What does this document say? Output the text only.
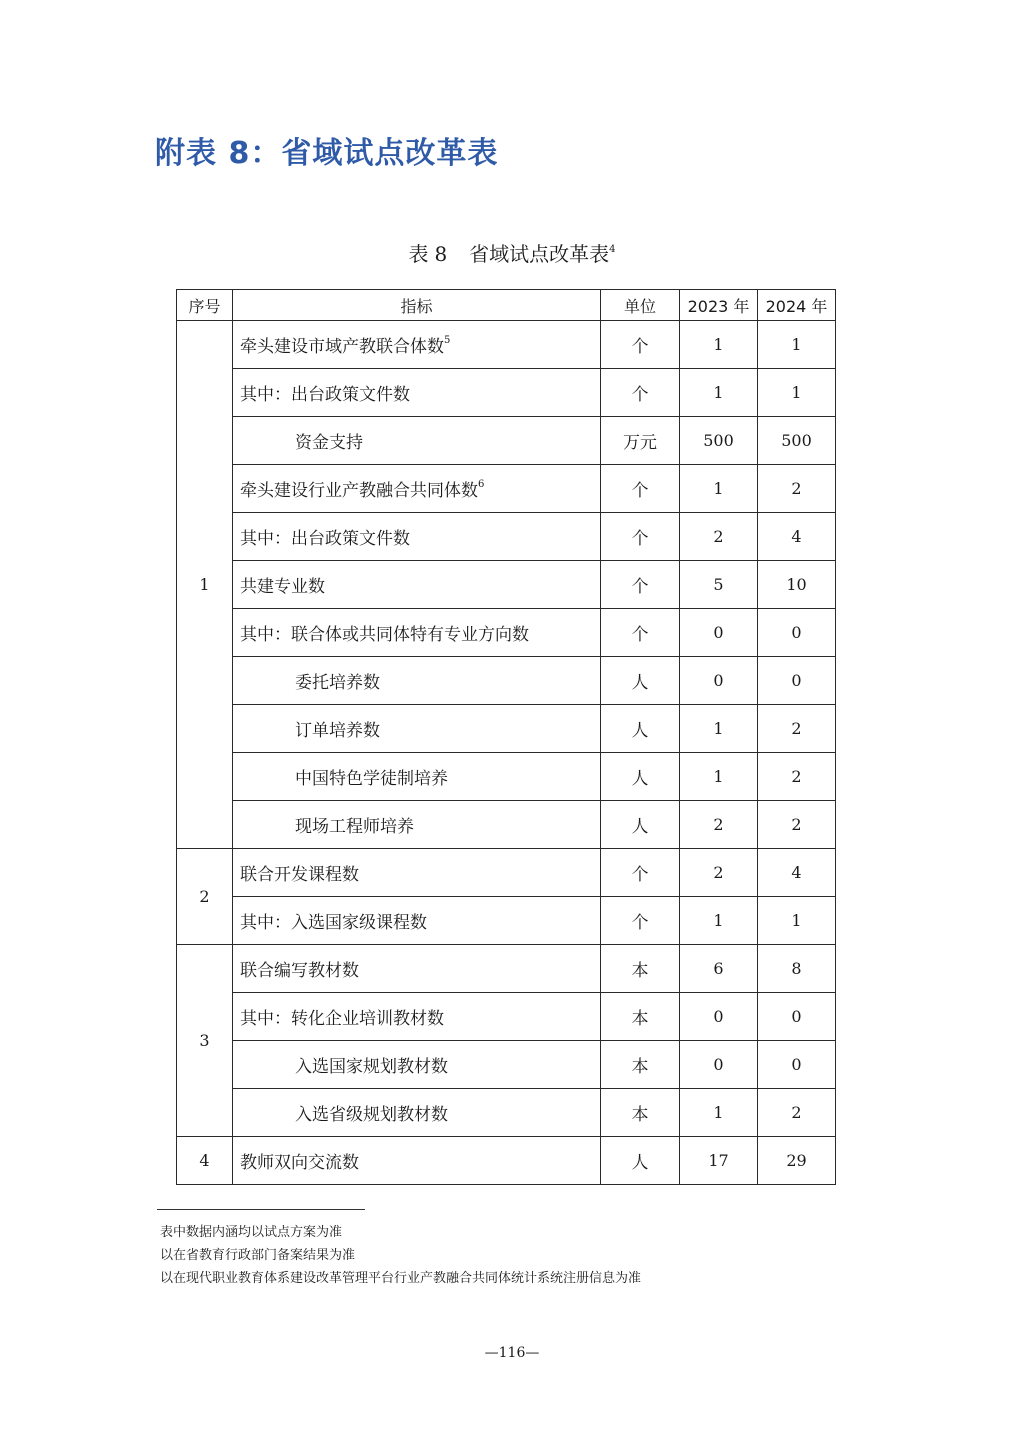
附表 8：省域试点改革表
表 8 省域试点改革表$^4$
序号	指标	单位	2023 年	2024 年
1	牵头建设市域产教联合体数$^5$	个	1	1
	其中：出台政策文件数	个	1	1
	资金支持	万元	500	500
	牵头建设行业产教融合共同体数$^6$	个	1	2
	其中：出台政策文件数	个	2	4
	共建专业数	个	5	10
	其中：联合体或共同体特有专业方向数	个	0	0
	委托培养数	人	0	0
	订单培养数	人	1	2
	中国特色学徒制培养	人	1	2
	现场工程师培养	人	2	2
2	联合开发课程数	个	2	4
	其中：入选国家级课程数	个	1	1
3	联合编写教材数	本	6	8
	其中：转化企业培训教材数	本	0	0
	入选国家规划教材数	本	0	0
	入选省级规划教材数	本	1	2
4	教师双向交流数	人	17	29
表中数据内涵均以试点方案为准
以在省教育行政部门备案结果为准
以在现代职业教育体系建设改革管理平台行业产教融合共同体统计系统注册信息为准
—116—
